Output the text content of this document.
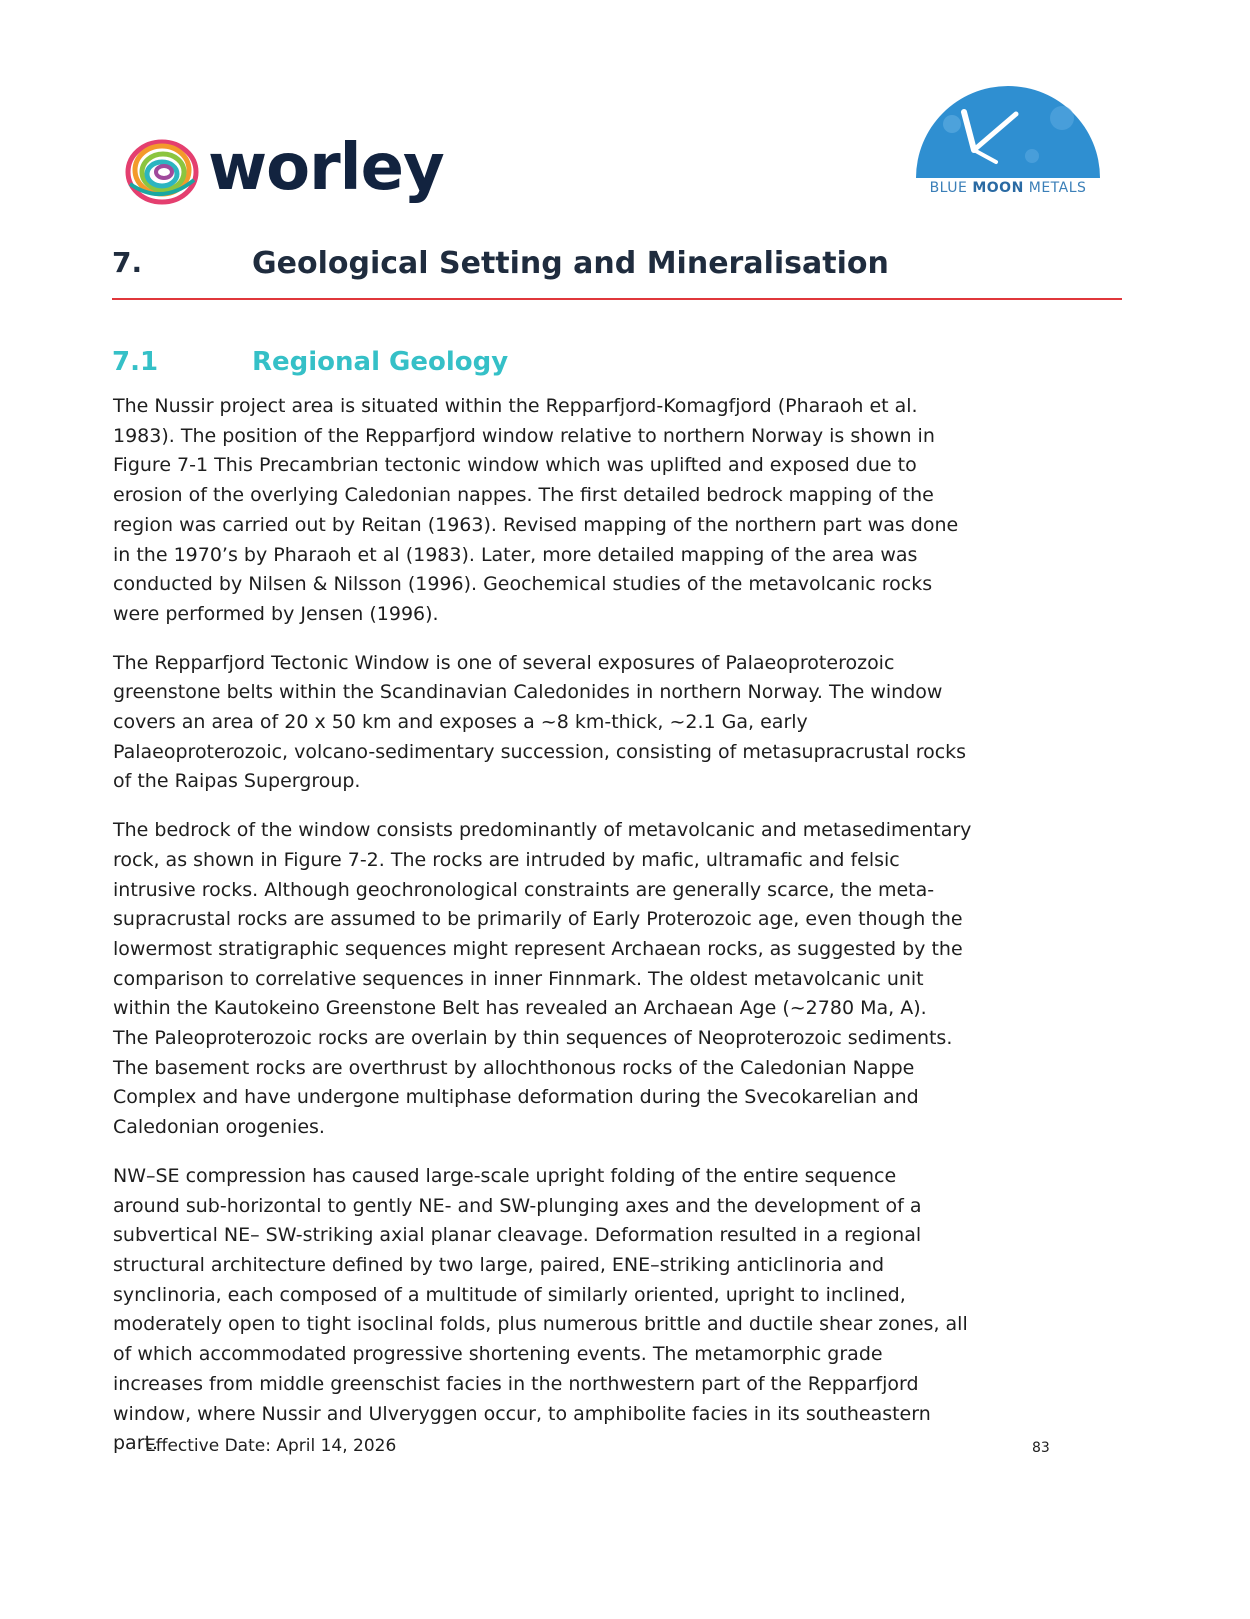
worley	BLUE MOON METALS
7.	Geological Setting and Mineralisation
7.1	Regional Geology

The Nussir project area is situated within the Repparfjord-Komagfjord (Pharaoh et al.
1983). The position of the Repparfjord window relative to northern Norway is shown in
Figure 7-1 This Precambrian tectonic window which was uplifted and exposed due to
erosion of the overlying Caledonian nappes. The first detailed bedrock mapping of the
region was carried out by Reitan (1963). Revised mapping of the northern part was done
in the 1970’s by Pharaoh et al (1983). Later, more detailed mapping of the area was
conducted by Nilsen & Nilsson (1996). Geochemical studies of the metavolcanic rocks
were performed by Jensen (1996).

The Repparfjord Tectonic Window is one of several exposures of Palaeoproterozoic
greenstone belts within the Scandinavian Caledonides in northern Norway. The window
covers an area of 20 x 50 km and exposes a ~8 km-thick, ~2.1 Ga, early
Palaeoproterozoic, volcano-sedimentary succession, consisting of metasupracrustal rocks
of the Raipas Supergroup.

The bedrock of the window consists predominantly of metavolcanic and metasedimentary
rock, as shown in Figure 7-2. The rocks are intruded by mafic, ultramafic and felsic
intrusive rocks. Although geochronological constraints are generally scarce, the meta-
supracrustal rocks are assumed to be primarily of Early Proterozoic age, even though the
lowermost stratigraphic sequences might represent Archaean rocks, as suggested by the
comparison to correlative sequences in inner Finnmark. The oldest metavolcanic unit
within the Kautokeino Greenstone Belt has revealed an Archaean Age (~2780 Ma, A).
The Paleoproterozoic rocks are overlain by thin sequences of Neoproterozoic sediments.
The basement rocks are overthrust by allochthonous rocks of the Caledonian Nappe
Complex and have undergone multiphase deformation during the Svecokarelian and
Caledonian orogenies.

NW–SE compression has caused large-scale upright folding of the entire sequence
around sub-horizontal to gently NE- and SW-plunging axes and the development of a
subvertical NE– SW-striking axial planar cleavage. Deformation resulted in a regional
structural architecture defined by two large, paired, ENE–striking anticlinoria and
synclinoria, each composed of a multitude of similarly oriented, upright to inclined,
moderately open to tight isoclinal folds, plus numerous brittle and ductile shear zones, all
of which accommodated progressive shortening events. The metamorphic grade
increases from middle greenschist facies in the northwestern part of the Repparfjord
window, where Nussir and Ulveryggen occur, to amphibolite facies in its southeastern
part.

Effective Date: April 14, 2026	83
